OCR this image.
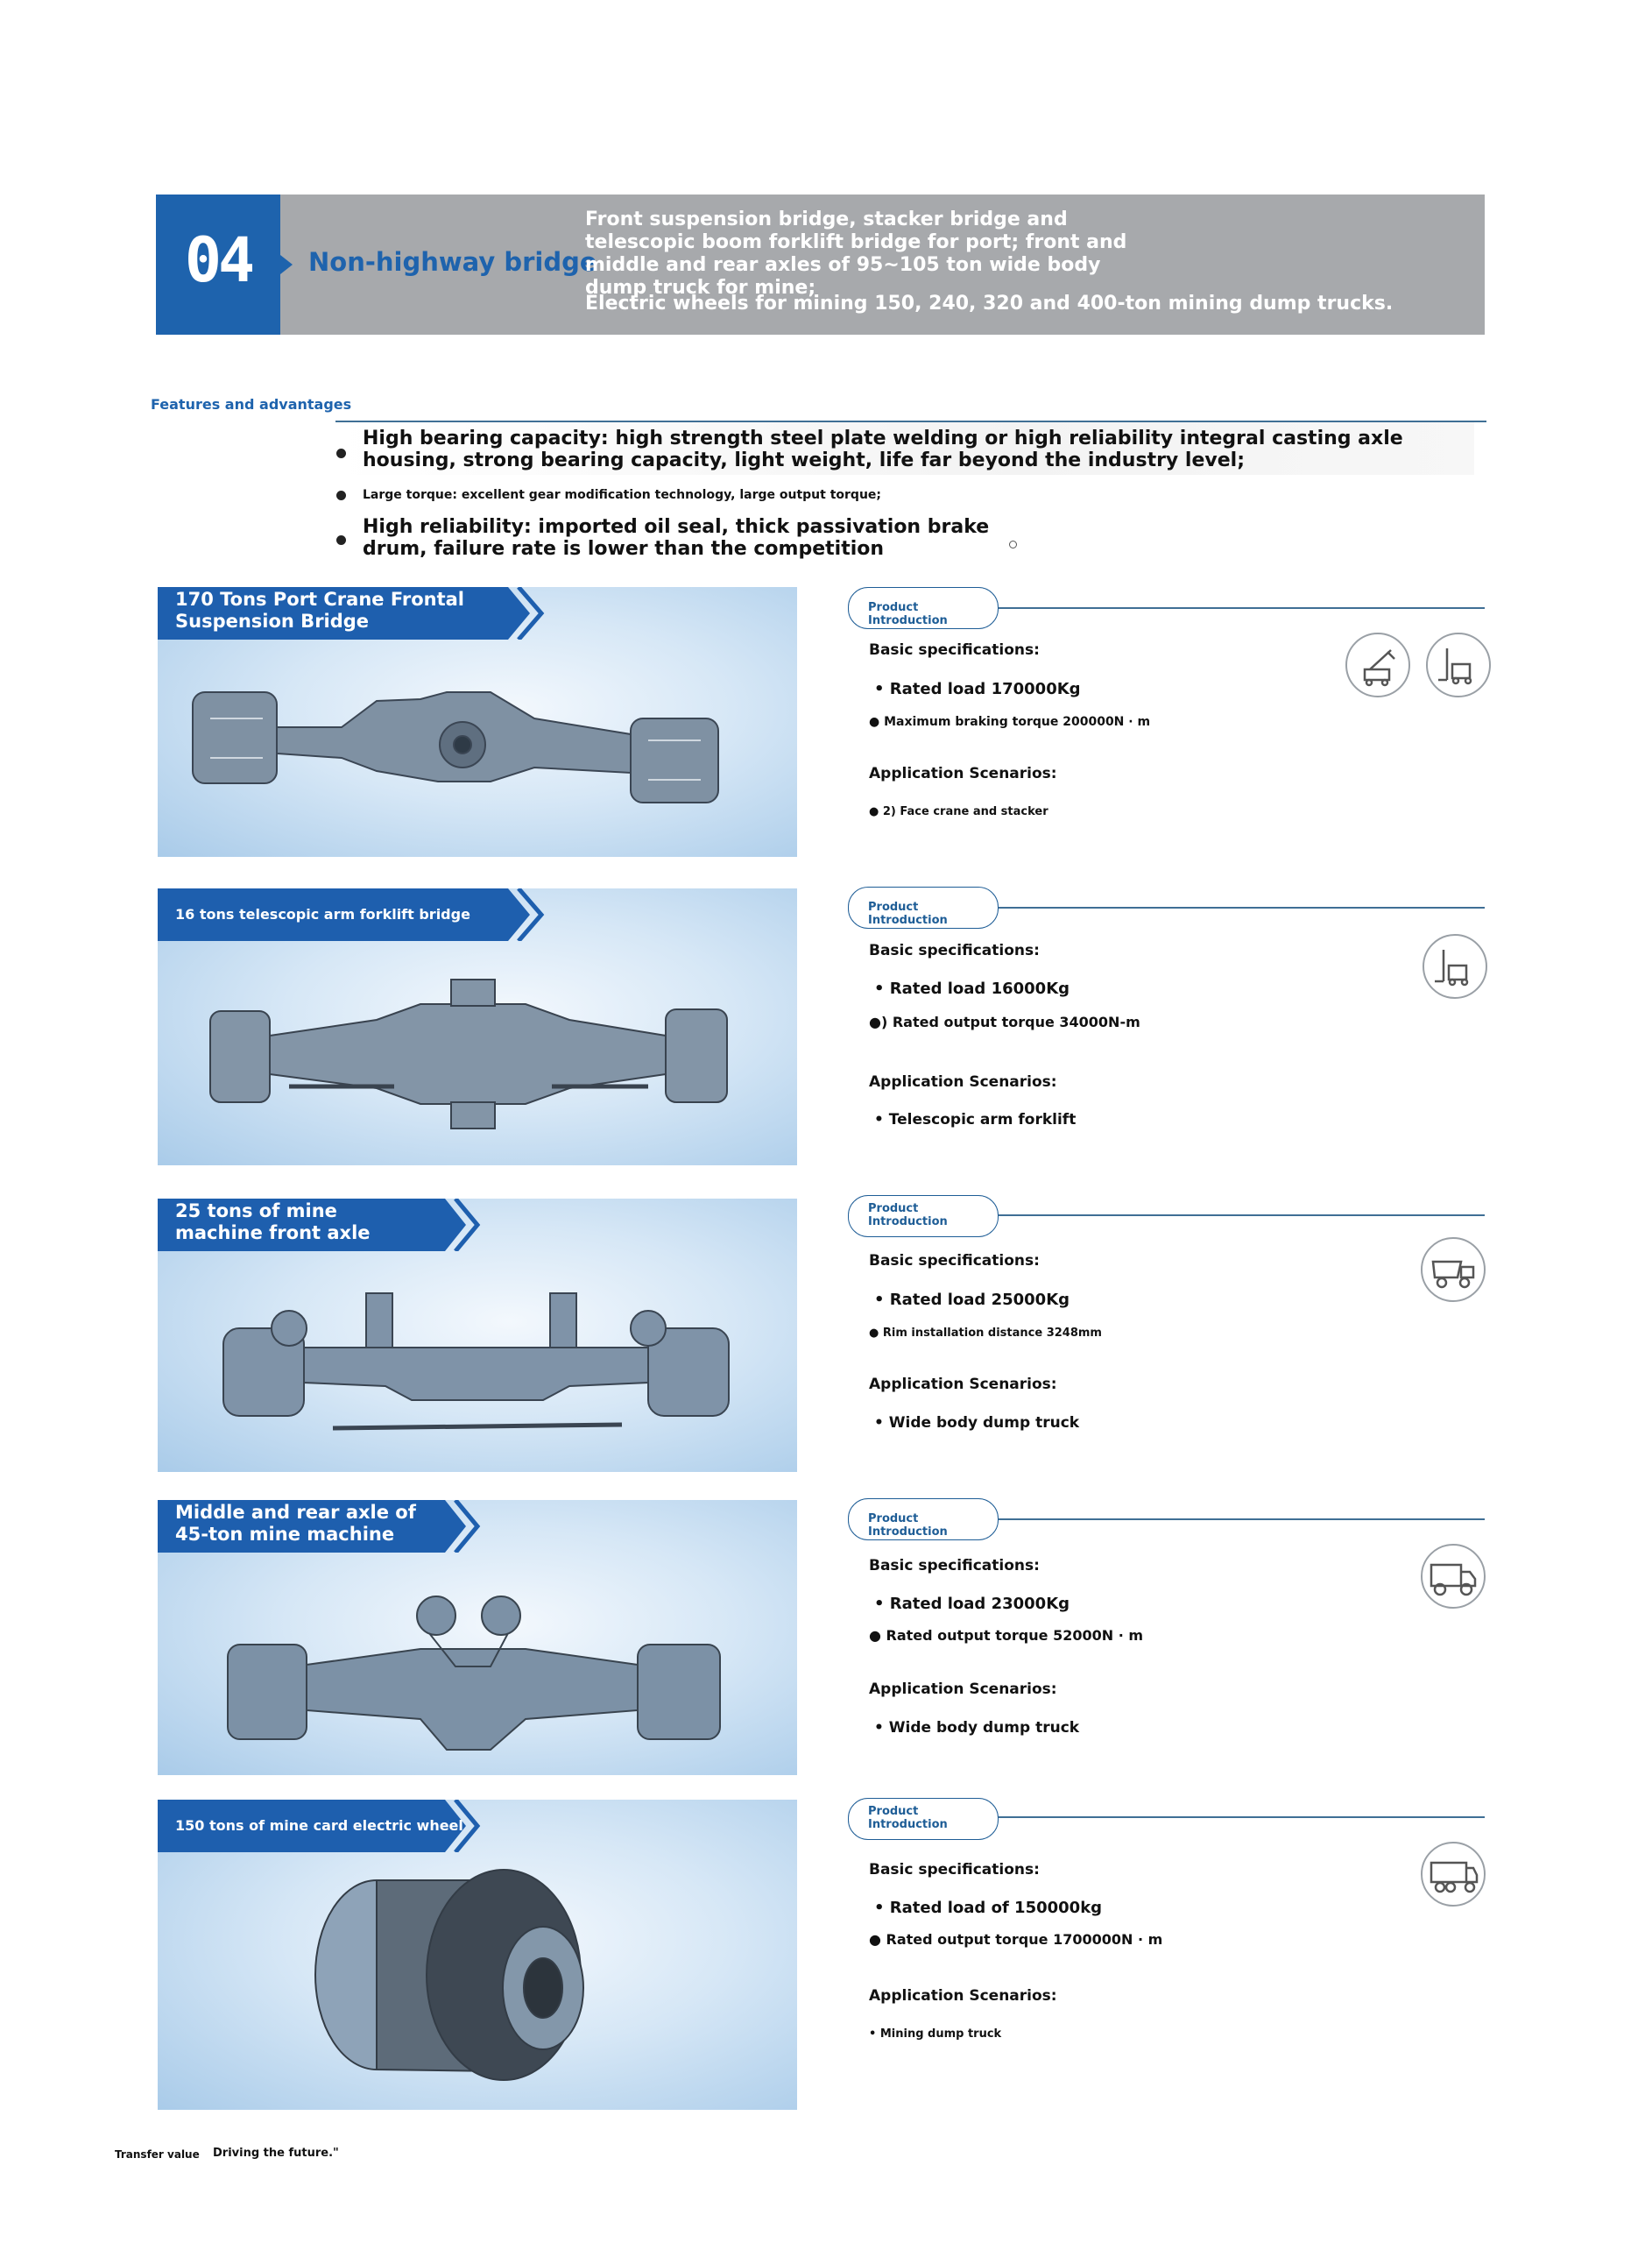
04	Non-highway bridge
Front suspension bridge, stacker bridge and telescopic boom forklift bridge for port; front and middle and rear axles of 95~105 ton wide body dump truck for mine;
Electric wheels for mining 150, 240, 320 and 400-ton mining dump trucks.
Features and advantages
High bearing capacity: high strength steel plate welding or high reliability integral casting axle housing, strong bearing capacity, light weight, life far beyond the industry level;
Large torque: excellent gear modification technology, large output torque;
High reliability: imported oil seal, thick passivation brake drum, failure rate is lower than the competition
170 Tons Port Crane Frontal Suspension Bridge
Product Introduction
Basic specifications:
• Rated load 170000Kg
● Maximum braking torque 200000N · m
Application Scenarios:
● 2) Face crane and stacker
16 tons telescopic arm forklift bridge	Product Introduction
Basic specifications:
• Rated load 16000Kg
●) Rated output torque 34000N-m
Application Scenarios:
• Telescopic arm forklift
25 tons of mine machine front axle
Product Introduction
Basic specifications:
• Rated load 25000Kg
● Rim installation distance 3248mm
Application Scenarios:
• Wide body dump truck
Middle and rear axle of 45-ton mine machine
Product Introduction
Basic specifications:
• Rated load 23000Kg
● Rated output torque 52000N · m
Application Scenarios:
• Wide body dump truck
150 tons of mine card electric wheel
Product Introduction
Basic specifications:
• Rated load of 150000kg
● Rated output torque 1700000N · m
Application Scenarios:
• Mining dump truck
Transfer value Driving the future."
